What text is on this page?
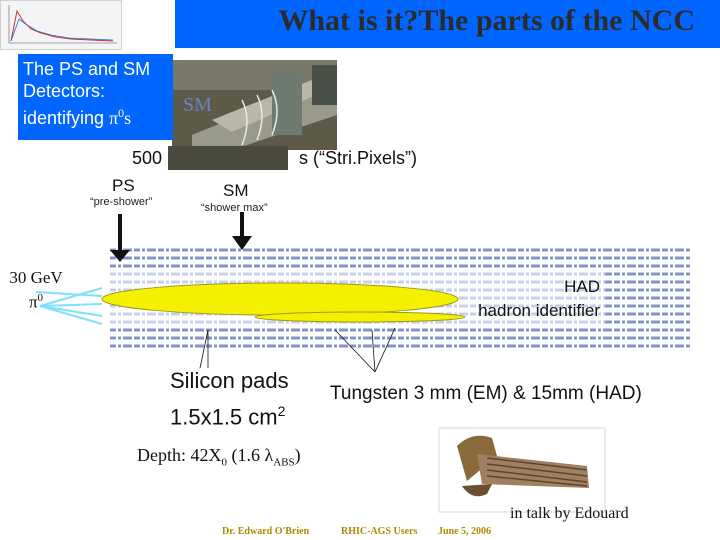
What is it?The parts of the NCC
SM
The PS and SM
Detectors:
identifying $\pi^0s$
500	s (“Stri.Pixels”)
PS
“pre-shower”
SM
“shower max”
30 GeV
$\pi^0$
HAD
hadron identifier
Silicon pads
1.5x1.5 $cm^2$
Tungsten 3 mm (EM) & 15mm (HAD)
Depth: $42X_0$ (1.6 $\lambda_{ABS}$)
in talk by Edouard
Dr. Edward O'Brien	RHIC-AGS Users June 5, 2006
